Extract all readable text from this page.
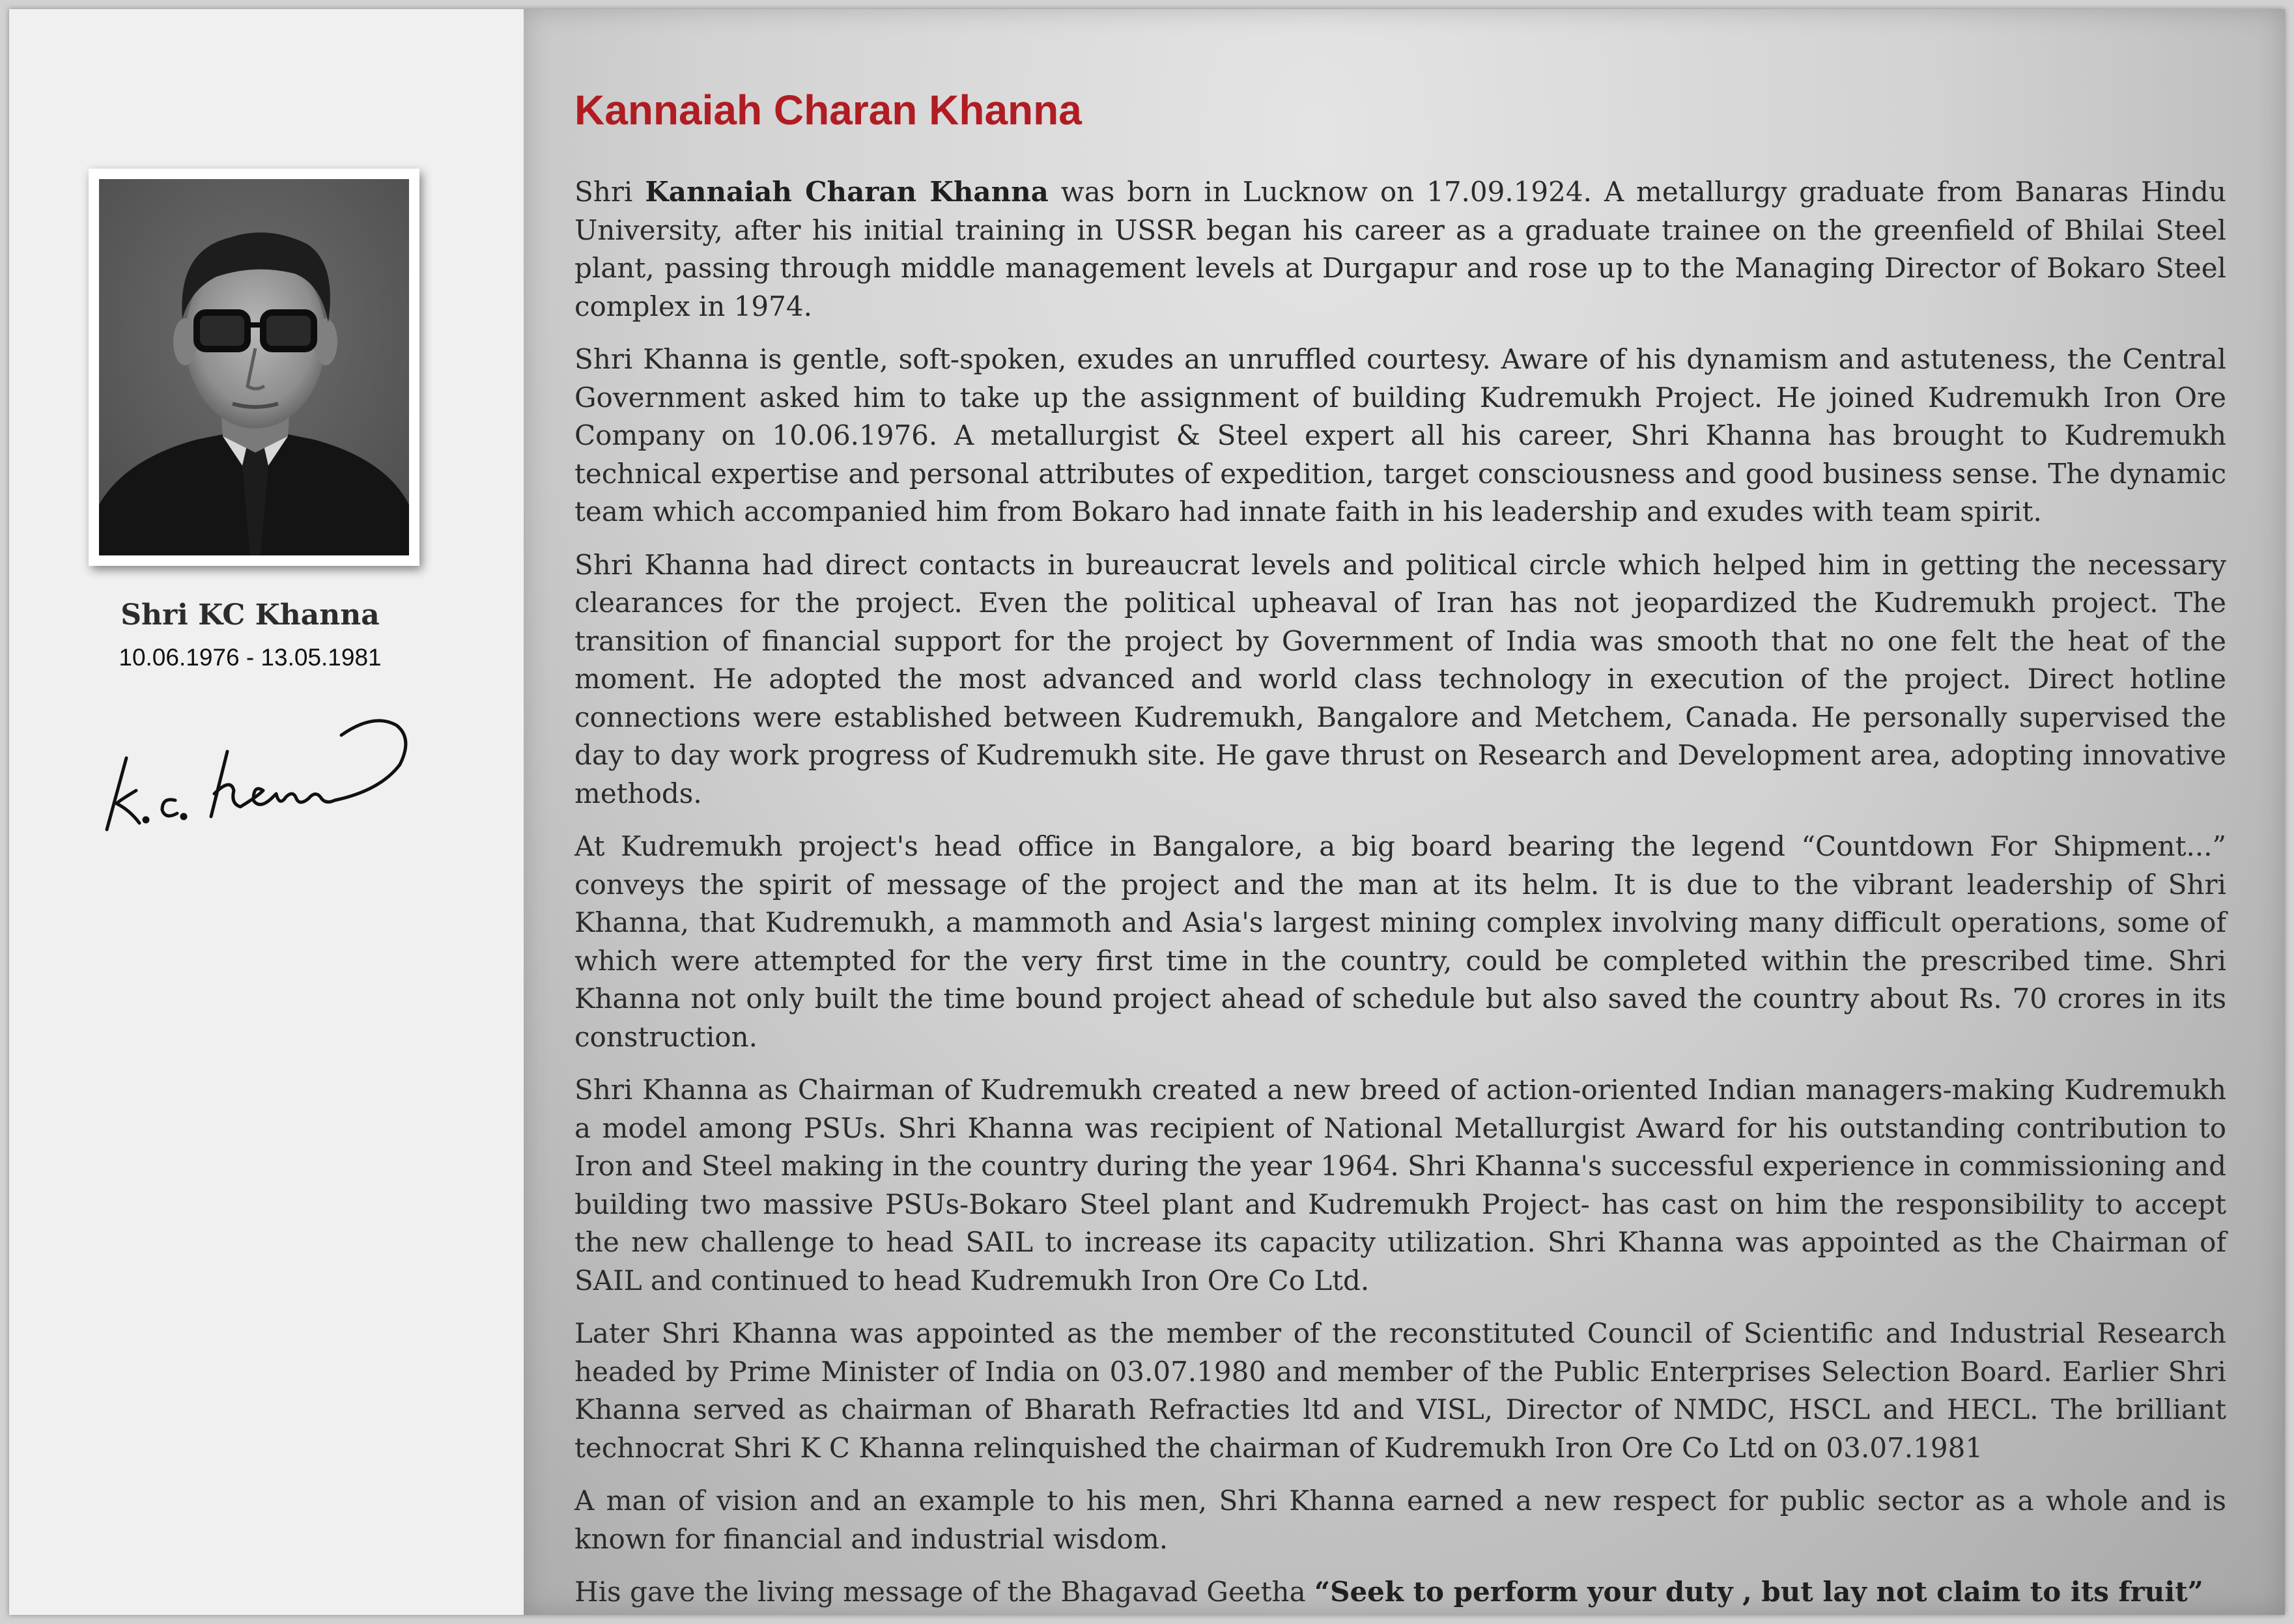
Shri KC Khanna
10.06.1976 - 13.05.1981
Kannaiah Charan Khanna

Shri Kannaiah Charan Khanna was born in Lucknow on 17.09.1924. A metallurgy graduate from Banaras Hindu University, after his initial training in USSR began his career as a graduate trainee on the greenfield of Bhilai Steel plant, passing through middle management levels at Durgapur and rose up to the Managing Director of Bokaro Steel complex in 1974.

Shri Khanna is gentle, soft-spoken, exudes an unruffled courtesy. Aware of his dynamism and astuteness, the Central Government asked him to take up the assignment of building Kudremukh Project. He joined Kudremukh Iron Ore Company on 10.06.1976. A metallurgist & Steel expert all his career, Shri Khanna has brought to Kudremukh technical expertise and personal attributes of expedition, target consciousness and good business sense. The dynamic team which accompanied him from Bokaro had innate faith in his leadership and exudes with team spirit.

Shri Khanna had direct contacts in bureaucrat levels and political circle which helped him in getting the necessary clearances for the project. Even the political upheaval of Iran has not jeopardized the Kudremukh project. The transition of financial support for the project by Government of India was smooth that no one felt the heat of the moment. He adopted the most advanced and world class technology in execution of the project. Direct hotline connections were established between Kudremukh, Bangalore and Metchem, Canada. He personally supervised the day to day work progress of Kudremukh site. He gave thrust on Research and Development area, adopting innovative methods.

At Kudremukh project's head office in Bangalore, a big board bearing the legend “Countdown For Shipment...” conveys the spirit of message of the project and the man at its helm. It is due to the vibrant leadership of Shri Khanna, that Kudremukh, a mammoth and Asia's largest mining complex involving many difficult operations, some of which were attempted for the very first time in the country, could be completed within the prescribed time. Shri Khanna not only built the time bound project ahead of schedule but also saved the country about Rs. 70 crores in its construction.

Shri Khanna as Chairman of Kudremukh created a new breed of action-oriented Indian managers-making Kudremukh a model among PSUs. Shri Khanna was recipient of National Metallurgist Award for his outstanding contribution to Iron and Steel making in the country during the year 1964. Shri Khanna's successful experience in commissioning and building two massive PSUs-Bokaro Steel plant and Kudremukh Project- has cast on him the responsibility to accept the new challenge to head SAIL to increase its capacity utilization. Shri Khanna was appointed as the Chairman of SAIL and continued to head Kudremukh Iron Ore Co Ltd.

Later Shri Khanna was appointed as the member of the reconstituted Council of Scientific and Industrial Research headed by Prime Minister of India on 03.07.1980 and member of the Public Enterprises Selection Board. Earlier Shri Khanna served as chairman of Bharath Refracties ltd and VISL, Director of NMDC, HSCL and HECL. The brilliant technocrat Shri K C Khanna relinquished the chairman of Kudremukh Iron Ore Co Ltd on 03.07.1981

A man of vision and an example to his men, Shri Khanna earned a new respect for public sector as a whole and is known for financial and industrial wisdom.

His gave the living message of the Bhagavad Geetha “Seek to perform your duty , but lay not claim to its fruit”
